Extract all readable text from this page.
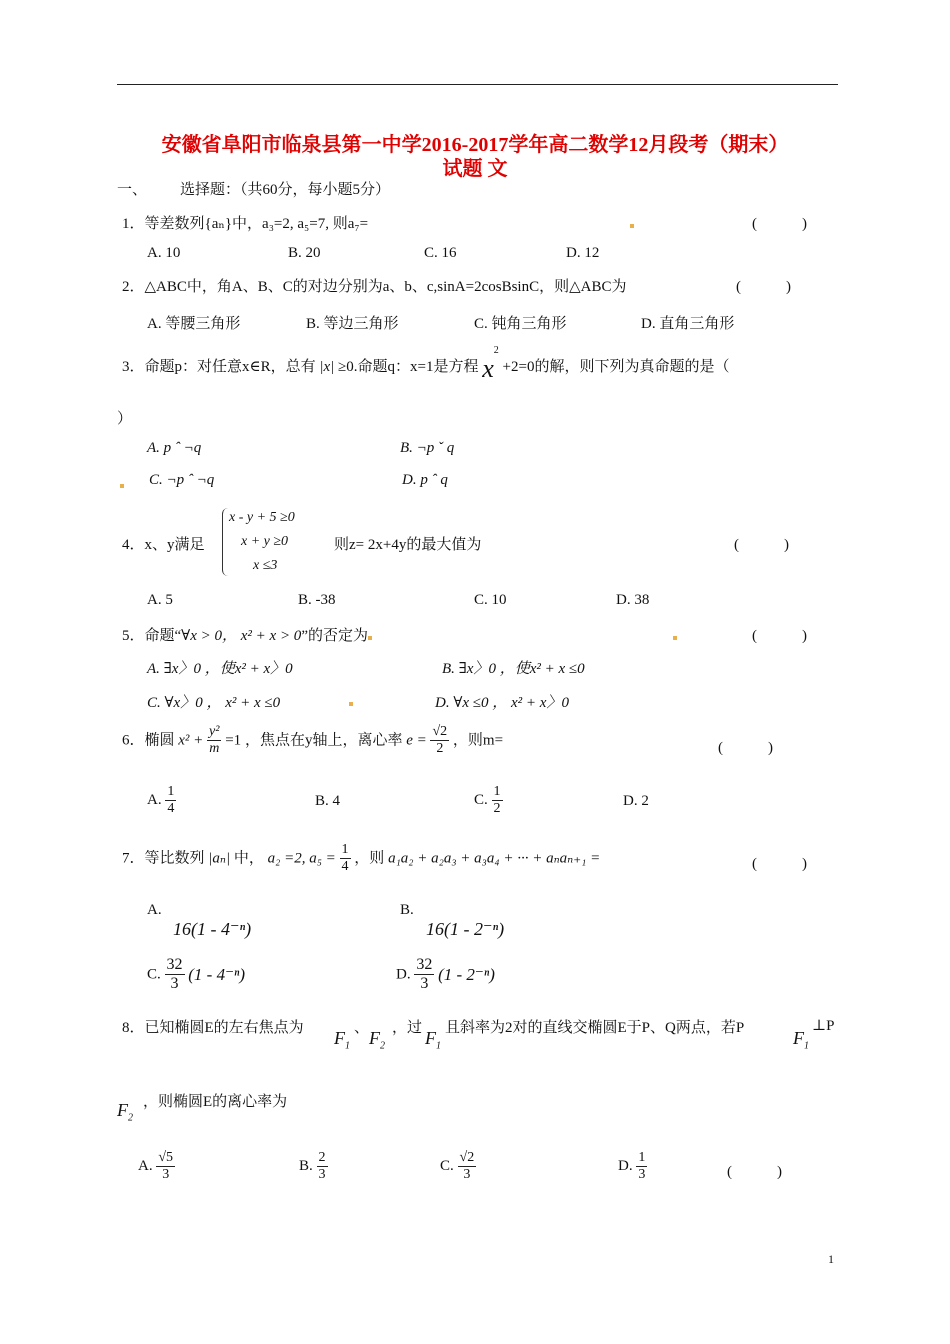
安徽省阜阳市临泉县第一中学2016-2017学年高二数学12月段考（期末）
试题 文
一、 选择题：（共60分，每小题5分）
1．等差数列{aₙ}中，a₃=2, a₅=7, 则a₇=	(　　　)
A. 10	B. 20	C. 16	D. 12
2．△ABC中，角A、B、C的对边分别为a、b、c,sinA=2cosBsinC，则△ABC为	(　　　)
A. 等腰三角形	B. 等边三角形	C. 钝角三角形	D. 直角三角形
3．命题p：对任意x∈R，总有 |x| ≥0.命题q：x=1是方程 $x^2 +2=0$的解，则下列为真命题的是（
）
A. p ˆ ¬q	B. ¬p ˇ q
C. ¬p ˆ ¬q	D. p ˆ q
4．x、y满足
x - y + 5 ≥0
x + y ≥0
x ≤3
则z= 2x+4y的最大值为	(　　　)
A. 5	B. -38	C. 10	D. 38
5．命题“∀x > 0， x² + x > 0”的否定为	(　　　)
A. ∃x〉0 ，使x² + x〉0	B. ∃x〉0 ，使x² + x ≤0
C. ∀x〉0 ， x² + x ≤0	D. ∀x ≤0 ， x² + x〉0
6．椭圆 $x^2 + \frac{\text{y²}}{m} =1$ ，焦点在y轴上，离心率 $e = \frac{√2}{2}$ ，则m=	(　　　)
A. $\frac{1}{4}$	B. 4	C. $\frac{1}{2}$	D. 2
7．等比数列 |aₙ| 中， a₂ =2, $a_5 = \frac{1}{4}$ ，则 a₁a₂ + a₂a₃ + a₃a₄ + ··· + aₙaₙ₊₁ =	(　　　)
A.
16(1 - 4⁻ⁿ)
B.
16(1 - 2⁻ⁿ)
C. $\frac{32}{3} (1 - 4^{-n})$	D. $\frac{32}{3} (1 - 2^{-n})$
8．已知椭圆E的左右焦点为 $F_1$
、 $F_2$
，过 $F_1$
且斜率为2对的直线交椭圆E于P、Q两点，若P	$F_1$
⊥P
$F_2$
，则椭圆E的离心率为
A. $\frac{√5}{3}$	B. $\frac{2}{3}$	C. $\frac{√2}{3}$	D. $\frac{1}{3}$	(　　　)
1
